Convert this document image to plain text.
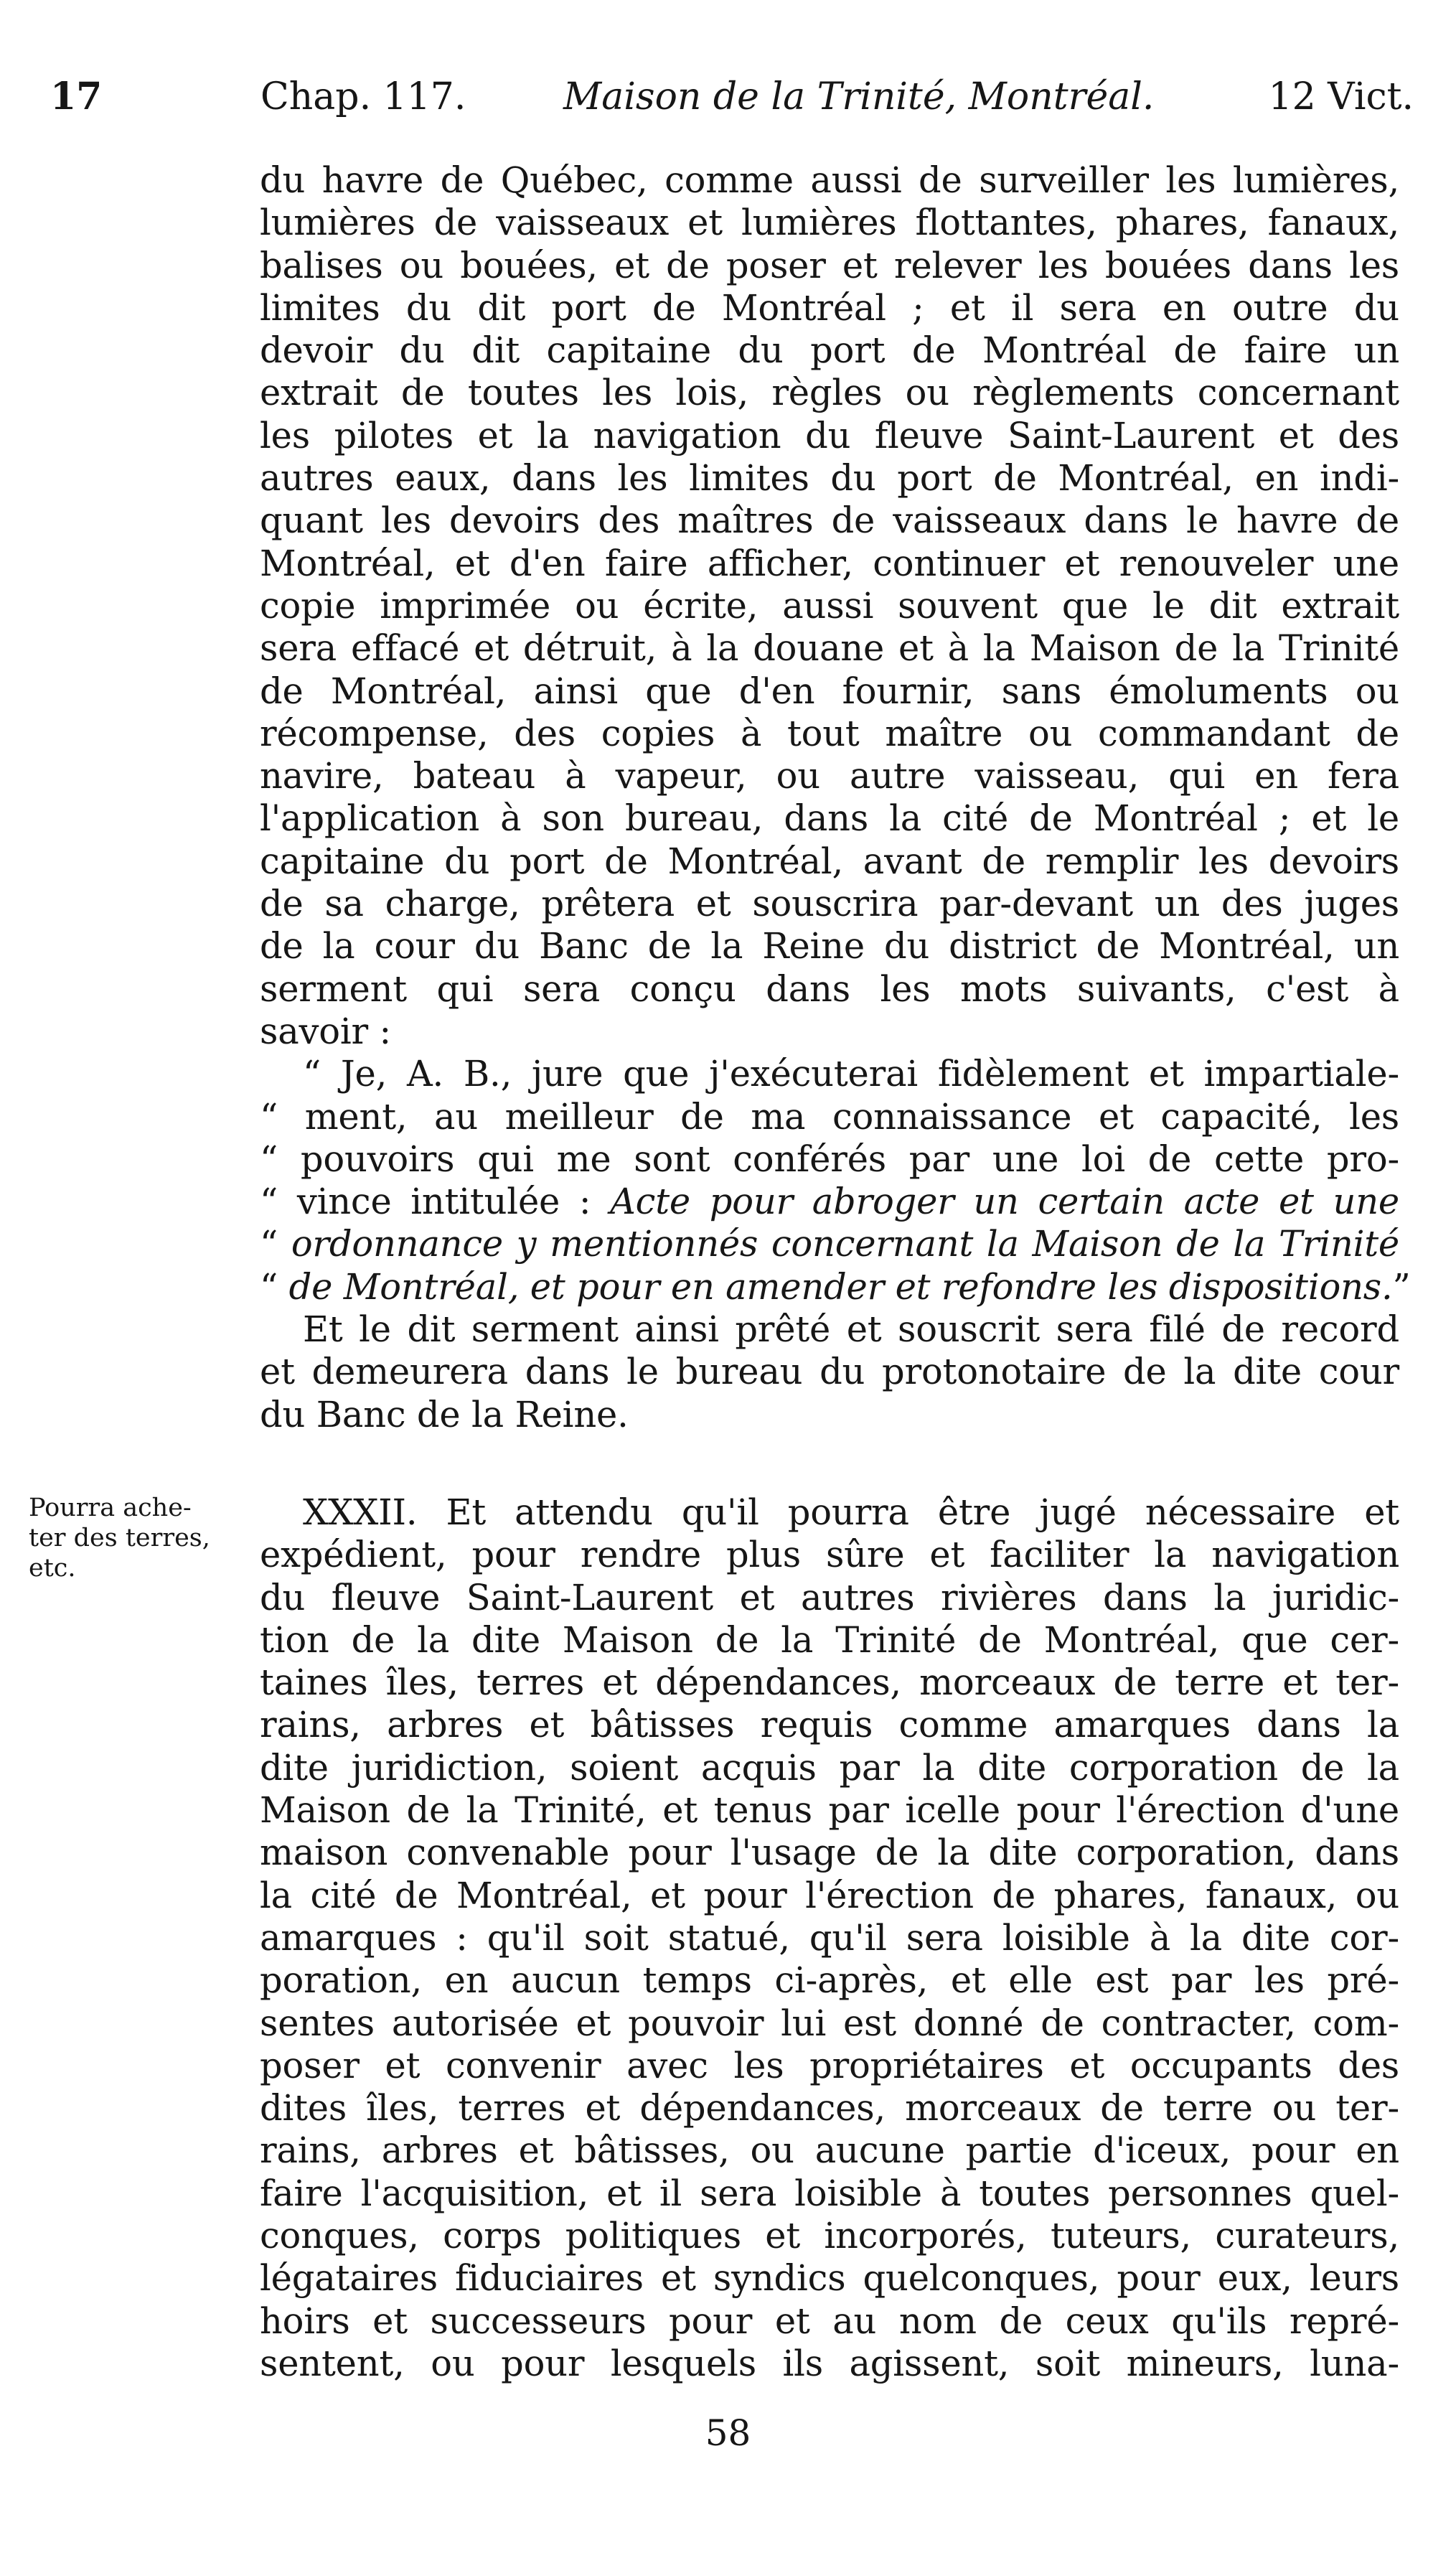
17	Chap. 117.	Maison de la Trinité, Montréal.	12 Vict.
du havre de Québec, comme aussi de surveiller les lumières,
lumières de vaisseaux et lumières flottantes, phares, fanaux,
balises ou bouées, et de poser et relever les bouées dans les
limites du dit port de Montréal ; et il sera en outre du
devoir du dit capitaine du port de Montréal de faire un
extrait de toutes les lois, règles ou règlements concernant
les pilotes et la navigation du fleuve Saint-Laurent et des
autres eaux, dans les limites du port de Montréal, en indi-
quant les devoirs des maîtres de vaisseaux dans le havre de
Montréal, et d'en faire afficher, continuer et renouveler une
copie imprimée ou écrite, aussi souvent que le dit extrait
sera effacé et détruit, à la douane et à la Maison de la Trinité
de Montréal, ainsi que d'en fournir, sans émoluments ou
récompense, des copies à tout maître ou commandant de
navire, bateau à vapeur, ou autre vaisseau, qui en fera
l'application à son bureau, dans la cité de Montréal ; et le
capitaine du port de Montréal, avant de remplir les devoirs
de sa charge, prêtera et souscrira par-devant un des juges
de la cour du Banc de la Reine du district de Montréal, un
serment qui sera conçu dans les mots suivants, c'est à
savoir :
“ Je, A. B., jure que j'exécuterai fidèlement et impartiale-
“ ment, au meilleur de ma connaissance et capacité, les
“ pouvoirs qui me sont conférés par une loi de cette pro-
“ vince intitulée : Acte pour abroger un certain acte et une
“ ordonnance y mentionnés concernant la Maison de la Trinité
“ de Montréal, et pour en amender et refondre les dispositions.”
Et le dit serment ainsi prêté et souscrit sera filé de record
et demeurera dans le bureau du protonotaire de la dite cour
du Banc de la Reine.
Pourra ache-
ter des terres,
etc.
XXXII. Et attendu qu'il pourra être jugé nécessaire et
expédient, pour rendre plus sûre et faciliter la navigation
du fleuve Saint-Laurent et autres rivières dans la juridic-
tion de la dite Maison de la Trinité de Montréal, que cer-
taines îles, terres et dépendances, morceaux de terre et ter-
rains, arbres et bâtisses requis comme amarques dans la
dite juridiction, soient acquis par la dite corporation de la
Maison de la Trinité, et tenus par icelle pour l'érection d'une
maison convenable pour l'usage de la dite corporation, dans
la cité de Montréal, et pour l'érection de phares, fanaux, ou
amarques : qu'il soit statué, qu'il sera loisible à la dite cor-
poration, en aucun temps ci-après, et elle est par les pré-
sentes autorisée et pouvoir lui est donné de contracter, com-
poser et convenir avec les propriétaires et occupants des
dites îles, terres et dépendances, morceaux de terre ou ter-
rains, arbres et bâtisses, ou aucune partie d'iceux, pour en
faire l'acquisition, et il sera loisible à toutes personnes quel-
conques, corps politiques et incorporés, tuteurs, curateurs,
légataires fiduciaires et syndics quelconques, pour eux, leurs
hoirs et successeurs pour et au nom de ceux qu'ils repré-
sentent, ou pour lesquels ils agissent, soit mineurs, luna-
58
